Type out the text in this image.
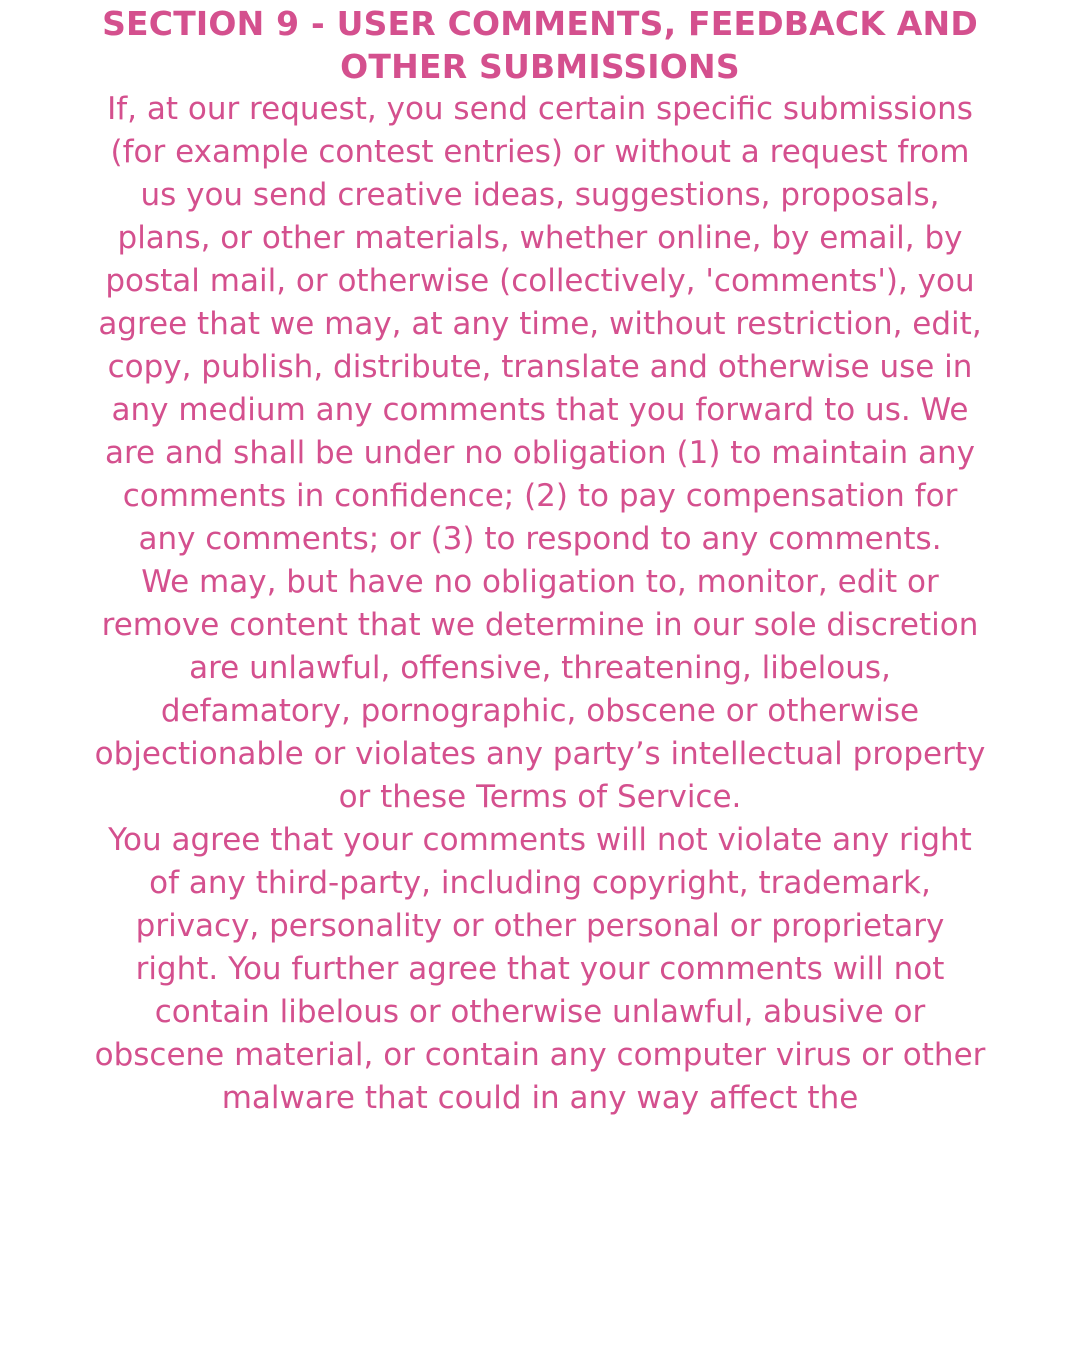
SECTION 9 - USER COMMENTS, FEEDBACK AND OTHER SUBMISSIONS

If, at our request, you send certain specific submissions (for example contest entries) or without a request from us you send creative ideas, suggestions, proposals, plans, or other materials, whether online, by email, by postal mail, or otherwise (collectively, 'comments'), you agree that we may, at any time, without restriction, edit, copy, publish, distribute, translate and otherwise use in any medium any comments that you forward to us. We are and shall be under no obligation (1) to maintain any comments in confidence; (2) to pay compensation for any comments; or (3) to respond to any comments.

We may, but have no obligation to, monitor, edit or remove content that we determine in our sole discretion are unlawful, offensive, threatening, libelous, defamatory, pornographic, obscene or otherwise objectionable or violates any party’s intellectual property or these Terms of Service.

You agree that your comments will not violate any right of any third-party, including copyright, trademark, privacy, personality or other personal or proprietary right. You further agree that your comments will not contain libelous or otherwise unlawful, abusive or obscene material, or contain any computer virus or other malware that could in any way affect the
